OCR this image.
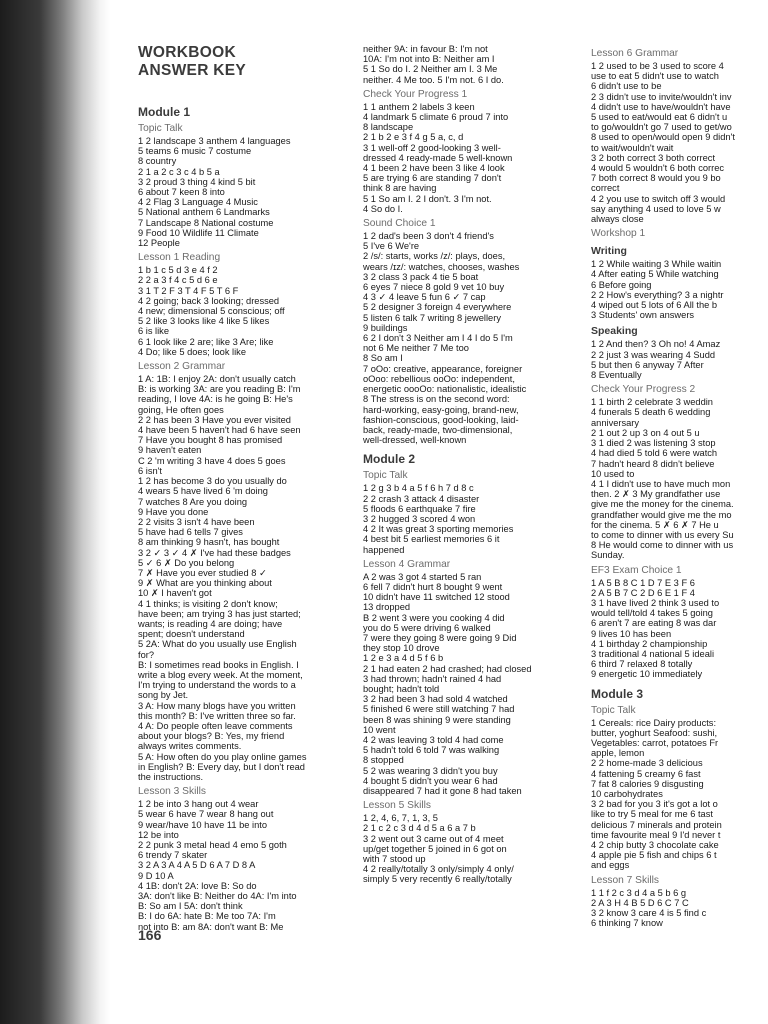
WORKBOOK
ANSWER KEY
Module 1
Topic Talk
1 2 landscape 3 anthem 4 languages
5 teams 6 music 7 costume
8 country
2 1 a 2 c 3 c 4 b 5 a
3 2 proud 3 thing 4 kind 5 bit
6 about 7 keen 8 into
4 2 Flag 3 Language 4 Music
5 National anthem 6 Landmarks
7 Landscape 8 National costume
9 Food 10 Wildlife 11 Climate
12 People
Lesson 1 Reading
1 b 1 c 5 d 3 e 4 f 2
2 2 a 3 f 4 c 5 d 6 e
3 1 T 2 F 3 T 4 F 5 T 6 F
4 2 going; back 3 looking; dressed
4 new; dimensional 5 conscious; off
5 2 like 3 looks like 4 like 5 likes
6 is like
6 1 look like 2 are; like 3 Are; like
4 Do; like 5 does; look like
Lesson 2 Grammar
1 A: 1B: I enjoy 2A: don't usually catch
B: is working 3A: are you reading B: I'm
reading, I love 4A: is he going B: He's
going, He often goes
2 2 has been 3 Have you ever visited
4 have been 5 haven't had 6 have seen
7 Have you bought 8 has promised
9 haven't eaten
C 2 'm writing 3 have 4 does 5 goes
6 isn't
1 2 has become 3 do you usually do
4 wears 5 have lived 6 'm doing
7 watches 8 Are you doing
9 Have you done
2 2 visits 3 isn't 4 have been
5 have had 6 tells 7 gives
8 am thinking 9 hasn't, has bought
3 2 ✓ 3 ✓ 4 ✗ I've had these badges
5 ✓ 6 ✗ Do you belong
7 ✗ Have you ever studied 8 ✓
9 ✗ What are you thinking about
10 ✗ I haven't got
4 1 thinks; is visiting 2 don't know;
have been; am trying 3 has just started;
wants; is reading 4 are doing; have
spent; doesn't understand
5 2A: What do you usually use English
for?
B: I sometimes read books in English. I
write a blog every week. At the moment,
I'm trying to understand the words to a
song by Jet.
3 A: How many blogs have you written
this month? B: I've written three so far.
4 A: Do people often leave comments
about your blogs? B: Yes, my friend
always writes comments.
5 A: How often do you play online games
in English? B: Every day, but I don't read
the instructions.
Lesson 3 Skills
1 2 be into 3 hang out 4 wear
5 wear 6 have 7 wear 8 hang out
9 wear/have 10 have 11 be into
12 be into
2 2 punk 3 metal head 4 emo 5 goth
6 trendy 7 skater
3 2 A 3 A 4 A 5 D 6 A 7 D 8 A
9 D 10 A
4 1B: don't 2A: love B: So do
3A: don't like B: Neither do 4A: I'm into
B: So am I 5A: don't think
B: I do 6A: hate B: Me too 7A: I'm
not into B: am 8A: don't want B: Me
neither 9A: in favour B: I'm not
10A: I'm not into B: Neither am I
5 1 So do I. 2 Neither am I. 3 Me
neither. 4 Me too. 5 I'm not. 6 I do.
Check Your Progress 1
1 1 anthem 2 labels 3 keen
4 landmark 5 climate 6 proud 7 into
8 landscape
2 1 b 2 e 3 f 4 g 5 a, c, d
3 1 well-off 2 good-looking 3 well-
dressed 4 ready-made 5 well-known
4 1 been 2 have been 3 like 4 look
5 are trying 6 are standing 7 don't
think 8 are having
5 1 So am I. 2 I don't. 3 I'm not.
4 So do I.
Sound Choice 1
1 2 dad's been 3 don't 4 friend's
5 I've 6 We're
2 /s/: starts, works /z/: plays, does,
wears /ɪz/: watches, chooses, washes
3 2 class 3 pack 4 tie 5 boat
6 eyes 7 niece 8 gold 9 vet 10 buy
4 3 ✓ 4 leave 5 fun 6 ✓ 7 cap
5 2 designer 3 foreign 4 everywhere
5 listen 6 talk 7 writing 8 jewellery
9 buildings
6 2 I don't 3 Neither am I 4 I do 5 I'm
not 6 Me neither 7 Me too
8 So am I
7 oOo: creative, appearance, foreigner
oOoo: rebellious ooOo: independent,
energetic oooOo: nationalistic, idealistic
8 The stress is on the second word:
hard-working, easy-going, brand-new,
fashion-conscious, good-looking, laid-
back, ready-made, two-dimensional,
well-dressed, well-known
Module 2
Topic Talk
1 2 g 3 b 4 a 5 f 6 h 7 d 8 c
2 2 crash 3 attack 4 disaster
5 floods 6 earthquake 7 fire
3 2 hugged 3 scored 4 won
4 2 It was great 3 sporting memories
4 best bit 5 earliest memories 6 it
happened
Lesson 4 Grammar
A 2 was 3 got 4 started 5 ran
6 fell 7 didn't hurt 8 bought 9 went
10 didn't have 11 switched 12 stood
13 dropped
B 2 went 3 were you cooking 4 did
you do 5 were driving 6 walked
7 were they going 8 were going 9 Did
they stop 10 drove
1 2 e 3 a 4 d 5 f 6 b
2 1 had eaten 2 had crashed; had closed
3 had thrown; hadn't rained 4 had
bought; hadn't told
3 2 had been 3 had sold 4 watched
5 finished 6 were still watching 7 had
been 8 was shining 9 were standing
10 went
4 2 was leaving 3 told 4 had come
5 hadn't told 6 told 7 was walking
8 stopped
5 2 was wearing 3 didn't you buy
4 bought 5 didn't you wear 6 had
disappeared 7 had it gone 8 had taken
Lesson 5 Skills
1 2, 4, 6, 7, 1, 3, 5
2 1 c 2 c 3 d 4 d 5 a 6 a 7 b
3 2 went out 3 came out of 4 meet
up/get together 5 joined in 6 got on
with 7 stood up
4 2 really/totally 3 only/simply 4 only/
simply 5 very recently 6 really/totally
Lesson 6 Grammar
1 2 used to be 3 used to score 4
use to eat 5 didn't use to watch
6 didn't use to be
2 3 didn't use to invite/wouldn't inv
4 didn't use to have/wouldn't have
5 used to eat/would eat 6 didn't u
to go/wouldn't go 7 used to get/wo
8 used to open/would open 9 didn't
to wait/wouldn't wait
3 2 both correct 3 both correct
4 would 5 wouldn't 6 both correc
7 both correct 8 would you 9 bo
correct
4 2 you use to switch off 3 would
say anything 4 used to love 5 w
always close
Workshop 1
Writing
1 2 While waiting 3 While waitin
4 After eating 5 While watching
6 Before going
2 2 How's everything? 3 a nightr
4 wiped out 5 lots of 6 All the b
3 Students' own answers
Speaking
1 2 And then? 3 Oh no! 4 Amaz
2 2 just 3 was wearing 4 Sudd
5 but then 6 anyway 7 After
8 Eventually
Check Your Progress 2
1 1 birth 2 celebrate 3 weddin
4 funerals 5 death 6 wedding
anniversary
2 1 out 2 up 3 on 4 out 5 u
3 1 died 2 was listening 3 stop
4 had died 5 told 6 were watch
7 hadn't heard 8 didn't believe
10 used to
4 1 I didn't use to have much mon
then. 2 ✗ 3 My grandfather use
give me the money for the cinema.
grandfather would give me the mo
for the cinema. 5 ✗ 6 ✗ 7 He u
to come to dinner with us every Su
8 He would come to dinner with us
Sunday.
EF3 Exam Choice 1
1 A 5 B 8 C 1 D 7 E 3 F 6
2 A 5 B 7 C 2 D 6 E 1 F 4
3 1 have lived 2 think 3 used to
would tell/told 4 takes 5 going
6 aren't 7 are eating 8 was dar
9 lives 10 has been
4 1 birthday 2 championship
3 traditional 4 national 5 ideali
6 third 7 relaxed 8 totally
9 energetic 10 immediately
Module 3
Topic Talk
1 Cereals: rice Dairy products:
butter, yoghurt Seafood: sushi,
Vegetables: carrot, potatoes Fr
apple, lemon
2 2 home-made 3 delicious
4 fattening 5 creamy 6 fast
7 fat 8 calories 9 disgusting
10 carbohydrates
3 2 bad for you 3 it's got a lot o
like to try 5 meal for me 6 tast
delicious 7 minerals and protein
time favourite meal 9 I'd never t
4 2 chip butty 3 chocolate cake
4 apple pie 5 fish and chips 6 t
and eggs
Lesson 7 Skills
1 1 f 2 c 3 d 4 a 5 b 6 g
2 A 3 H 4 B 5 D 6 C 7 C
3 2 know 3 care 4 is 5 find c
6 thinking 7 know
166
